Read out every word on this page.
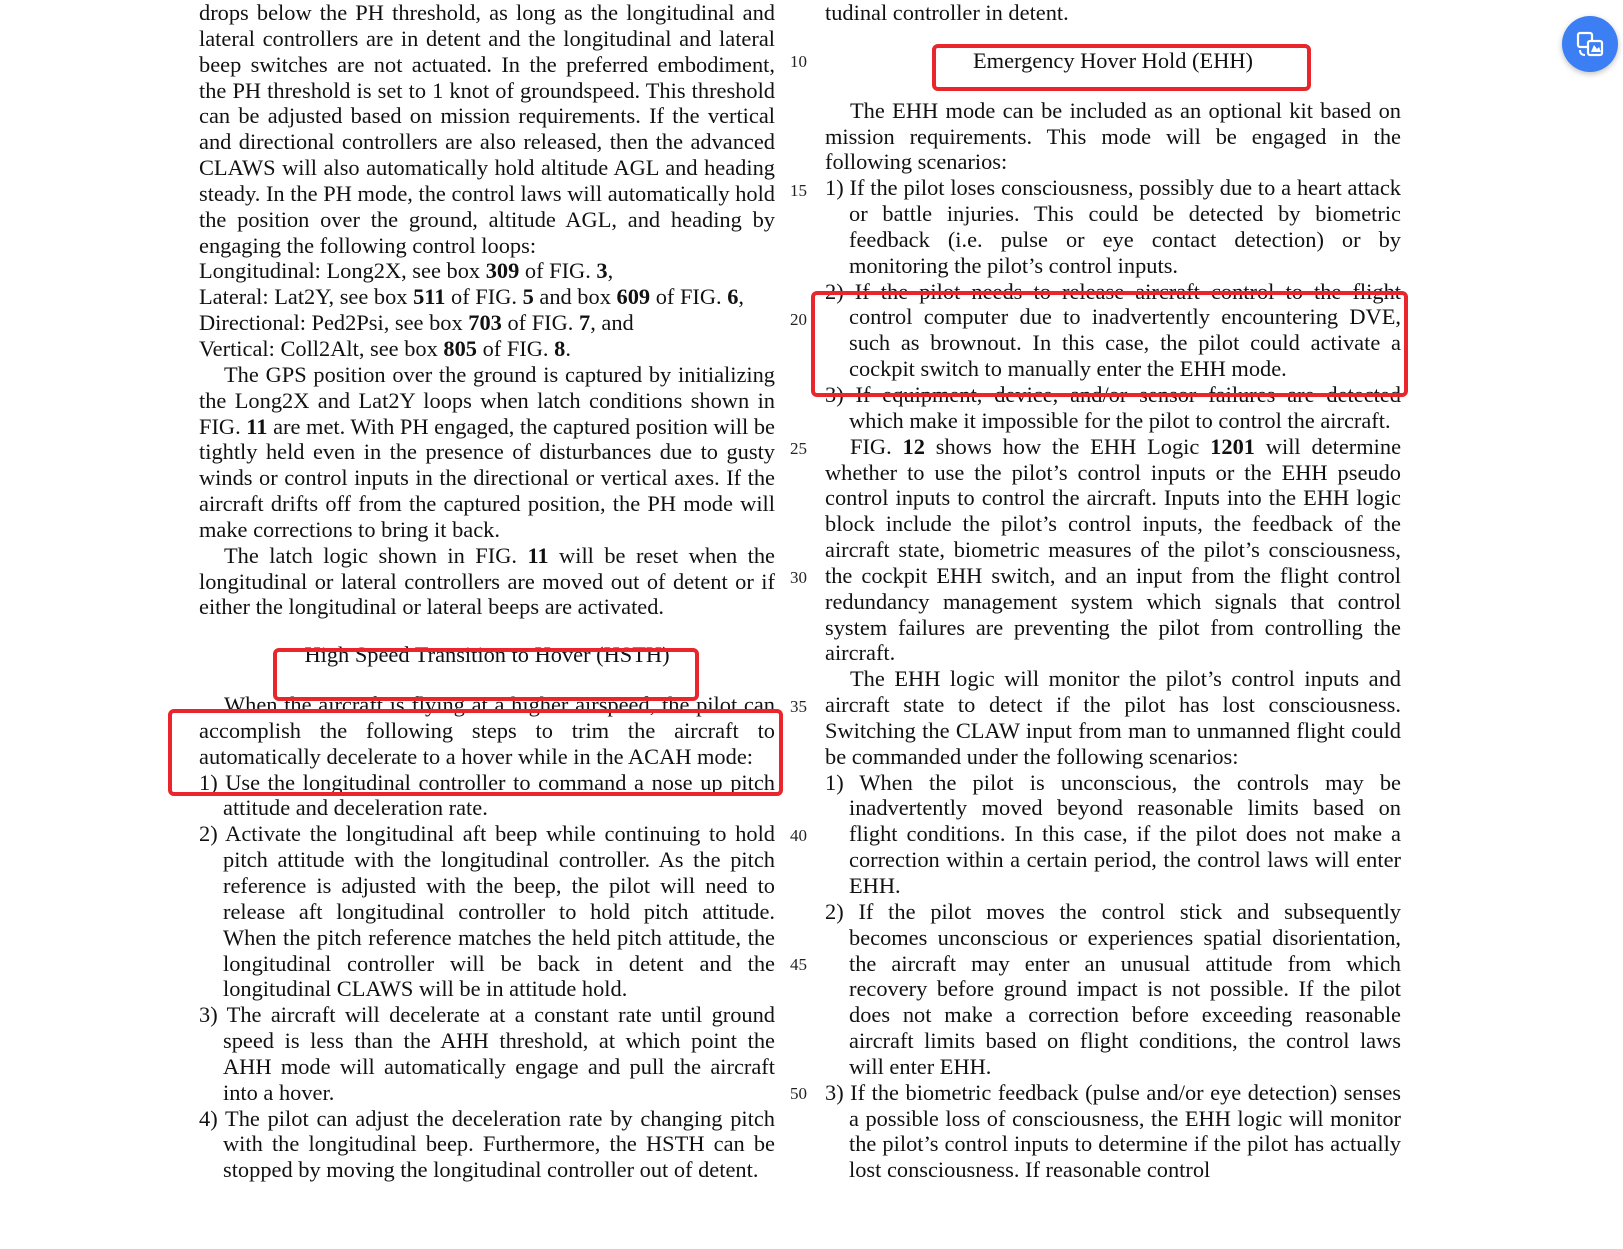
drops below the PH threshold, as long as the longitudinal and lateral controllers are in detent and the longitudinal and lateral beep switches are not actuated. In the preferred embodiment, the PH threshold is set to 1 knot of groundspeed. This threshold can be adjusted based on mission requirements. If the vertical and directional controllers are also released, then the advanced CLAWS will also automatically hold altitude AGL and heading steady. In the PH mode, the control laws will automatically hold the position over the ground, altitude AGL, and heading by engaging the following control loops:

Longitudinal: Long2X, see box 309 of FIG. 3,

Lateral: Lat2Y, see box 511 of FIG. 5 and box 609 of FIG. 6,

Directional: Ped2Psi, see box 703 of FIG. 7, and

Vertical: Coll2Alt, see box 805 of FIG. 8.

The GPS position over the ground is captured by initializing the Long2X and Lat2Y loops when latch conditions shown in FIG. 11 are met. With PH engaged, the captured position will be tightly held even in the presence of disturbances due to gusty winds or control inputs in the directional or vertical axes. If the aircraft drifts off from the captured position, the PH mode will make corrections to bring it back.

The latch logic shown in FIG. 11 will be reset when the longitudinal or lateral controllers are moved out of detent or if either the longitudinal or lateral beeps are activated.

High Speed Transition to Hover (HSTH)

When the aircraft is flying at a higher airspeed, the pilot can accomplish the following steps to trim the aircraft to automatically decelerate to a hover while in the ACAH mode:

1) Use the longitudinal controller to command a nose up pitch attitude and deceleration rate.

2) Activate the longitudinal aft beep while continuing to hold pitch attitude with the longitudinal controller. As the pitch reference is adjusted with the beep, the pilot will need to release aft longitudinal controller to hold pitch attitude. When the pitch reference matches the held pitch attitude, the longitudinal controller will be back in detent and the longitudinal CLAWS will be in attitude hold.

3) The aircraft will decelerate at a constant rate until ground speed is less than the AHH threshold, at which point the AHH mode will automatically engage and pull the aircraft into a hover.

4) The pilot can adjust the deceleration rate by changing pitch with the longitudinal beep. Furthermore, the HSTH can be stopped by moving the longitudinal controller out of detent.

tudinal controller in detent.

Emergency Hover Hold (EHH)

The EHH mode can be included as an optional kit based on mission requirements. This mode will be engaged in the following scenarios:

1) If the pilot loses consciousness, possibly due to a heart attack or battle injuries. This could be detected by biometric feedback (i.e. pulse or eye contact detection) or by monitoring the pilot’s control inputs.

2) If the pilot needs to release aircraft control to the flight control computer due to inadvertently encountering DVE, such as brownout. In this case, the pilot could activate a cockpit switch to manually enter the EHH mode.

3) If equipment, device, and/or sensor failures are detected which make it impossible for the pilot to control the aircraft.

FIG. 12 shows how the EHH Logic 1201 will determine whether to use the pilot’s control inputs or the EHH pseudo control inputs to control the aircraft. Inputs into the EHH logic block include the pilot’s control inputs, the feedback of the aircraft state, biometric measures of the pilot’s consciousness, the cockpit EHH switch, and an input from the flight control redundancy management system which signals that control system failures are preventing the pilot from controlling the aircraft.

The EHH logic will monitor the pilot’s control inputs and aircraft state to detect if the pilot has lost consciousness. Switching the CLAW input from man to unmanned flight could be commanded under the following scenarios:

1) When the pilot is unconscious, the controls may be inadvertently moved beyond reasonable limits based on flight conditions. In this case, if the pilot does not make a correction within a certain period, the control laws will enter EHH.

2) If the pilot moves the control stick and subsequently becomes unconscious or experiences spatial disorientation, the aircraft may enter an unusual attitude from which recovery before ground impact is not possible. If the pilot does not make a correction before exceeding reasonable aircraft limits based on flight conditions, the control laws will enter EHH.

3) If the biometric feedback (pulse and/or eye detection) senses a possible loss of consciousness, the EHH logic will monitor the pilot’s control inputs to determine if the pilot has actually lost consciousness. If reasonable control

10
15
20
25
30
35
40
45
50
